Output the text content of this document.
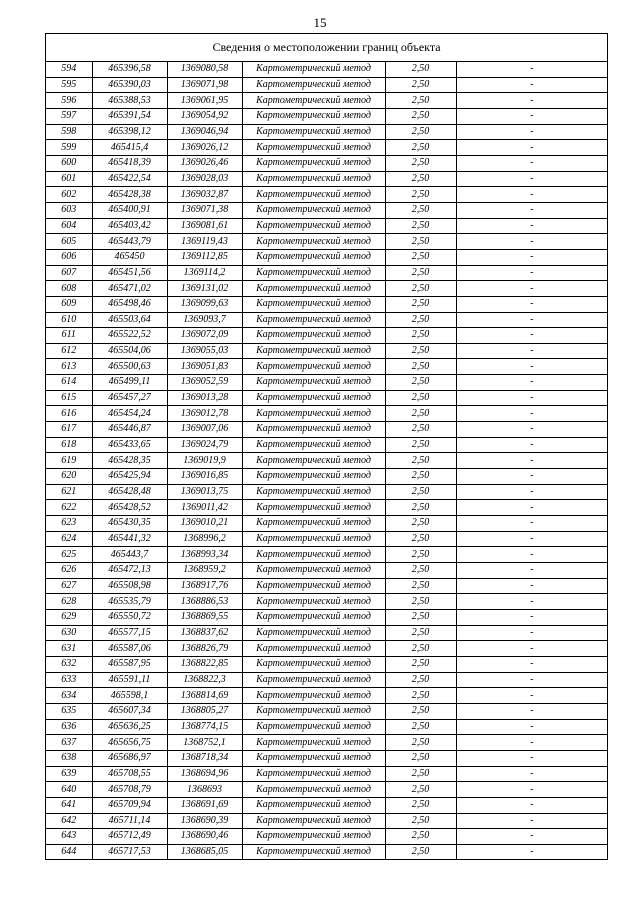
15
Сведения о местоположении границ объекта
594	465396,58	1369080,58	Картометрический метод	2,50	-
595	465390,03	1369071,98	Картометрический метод	2,50	-
596	465388,53	1369061,95	Картометрический метод	2,50	-
597	465391,54	1369054,92	Картометрический метод	2,50	-
598	465398,12	1369046,94	Картометрический метод	2,50	-
599	465415,4	1369026,12	Картометрический метод	2,50	-
600	465418,39	1369026,46	Картометрический метод	2,50	-
601	465422,54	1369028,03	Картометрический метод	2,50	-
602	465428,38	1369032,87	Картометрический метод	2,50	-
603	465400,91	1369071,38	Картометрический метод	2,50	-
604	465403,42	1369081,61	Картометрический метод	2,50	-
605	465443,79	1369119,43	Картометрический метод	2,50	-
606	465450	1369112,85	Картометрический метод	2,50	-
607	465451,56	1369114,2	Картометрический метод	2,50	-
608	465471,02	1369131,02	Картометрический метод	2,50	-
609	465498,46	1369099,63	Картометрический метод	2,50	-
610	465503,64	1369093,7	Картометрический метод	2,50	-
611	465522,52	1369072,09	Картометрический метод	2,50	-
612	465504,06	1369055,03	Картометрический метод	2,50	-
613	465500,63	1369051,83	Картометрический метод	2,50	-
614	465499,11	1369052,59	Картометрический метод	2,50	-
615	465457,27	1369013,28	Картометрический метод	2,50	-
616	465454,24	1369012,78	Картометрический метод	2,50	-
617	465446,87	1369007,06	Картометрический метод	2,50	-
618	465433,65	1369024,79	Картометрический метод	2,50	-
619	465428,35	1369019,9	Картометрический метод	2,50	-
620	465425,94	1369016,85	Картометрический метод	2,50	-
621	465428,48	1369013,75	Картометрический метод	2,50	-
622	465428,52	1369011,42	Картометрический метод	2,50	-
623	465430,35	1369010,21	Картометрический метод	2,50	-
624	465441,32	1368996,2	Картометрический метод	2,50	-
625	465443,7	1368993,34	Картометрический метод	2,50	-
626	465472,13	1368959,2	Картометрический метод	2,50	-
627	465508,98	1368917,76	Картометрический метод	2,50	-
628	465535,79	1368886,53	Картометрический метод	2,50	-
629	465550,72	1368869,55	Картометрический метод	2,50	-
630	465577,15	1368837,62	Картометрический метод	2,50	-
631	465587,06	1368826,79	Картометрический метод	2,50	-
632	465587,95	1368822,85	Картометрический метод	2,50	-
633	465591,11	1368822,3	Картометрический метод	2,50	-
634	465598,1	1368814,69	Картометрический метод	2,50	-
635	465607,34	1368805,27	Картометрический метод	2,50	-
636	465636,25	1368774,15	Картометрический метод	2,50	-
637	465656,75	1368752,1	Картометрический метод	2,50	-
638	465686,97	1368718,34	Картометрический метод	2,50	-
639	465708,55	1368694,96	Картометрический метод	2,50	-
640	465708,79	1368693	Картометрический метод	2,50	-
641	465709,94	1368691,69	Картометрический метод	2,50	-
642	465711,14	1368690,39	Картометрический метод	2,50	-
643	465712,49	1368690,46	Картометрический метод	2,50	-
644	465717,53	1368685,05	Картометрический метод	2,50	-
